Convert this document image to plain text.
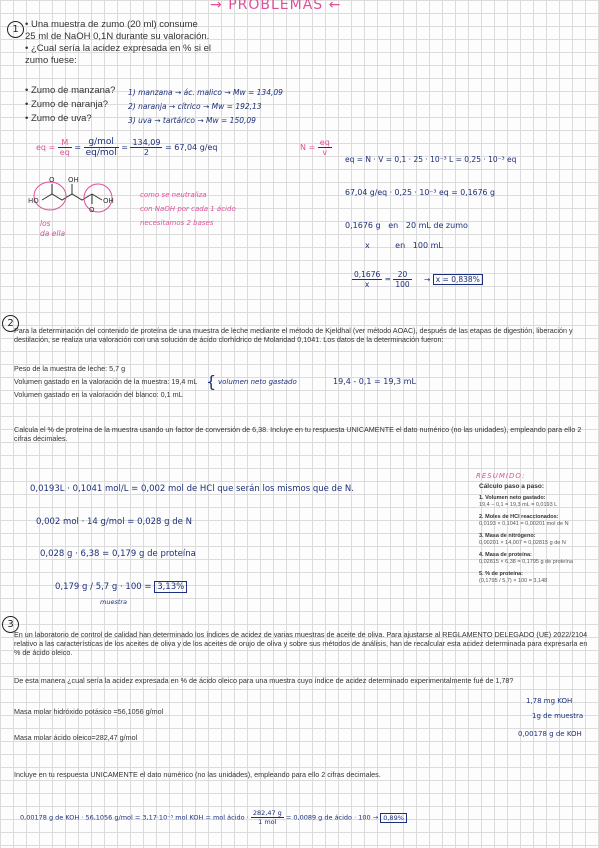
→ PROBLEMAS ←
1 • Una muestra de zumo (20 ml) consume
25 ml de NaOH 0,1N durante su valoración.
• ¿Cual sería la acidez expresada en % si el
zumo fuese:
• Zumo de manzana?
• Zumo de naranja?
• Zumo de uva?
1) manzana → ác. malico → Mw = 134,09
2) naranja → cítrico → Mw = 192,13
3) uva → tartárico → Mw = 150,09
eq = $\frac{M}{eq} = \frac{\text{g/mol}}{\text{eq/mol}} = \frac{134,09}{2} = 67,04$ g/eq	$N = \frac{eq}{v}$
eq = N · V = 0,1 · 25 · 10⁻³ L = 0,25 · 10⁻³ eq
OH
HO
O
O
OH
los
da ella
como se neutraliza
con NaOH por cada 1 ácido
necesitamos 2 bases
67,04 g/eq · 0,25 · 10⁻³ eq = 0,1676 g
0,1676 g   en   20 mL de zumo
x          en   100 mL
$\frac{0,1676}{x} = \frac{20}{100} \to x = 0,838\%$
2
Para la determinación del contenido de proteína de una muestra de leche mediante el método de Kjeldhal (ver método AOAC), después de las etapas de digestión, liberación y destilación, se realiza una valoración con una solución de ácido clorhídrico de Molaridad 0,1041. Los datos de la determinación fueron:
Peso de la muestra de leche: 5,7 g
Volumen gastado en la valoración de la muestra: 19,4 mL
Volumen gastado en la valoración del blanco: 0,1 mL
{ volumen neto gastado	19,4 - 0,1 = 19,3 mL
Calcula el % de proteína de la muestra usando un factor de conversión de 6,38. Incluye en tu respuesta UNICAMENTE el dato numérico (no las unidades), empleando para ello 2 cifras decimales.
0,0193L · 0,1041 mol/L = 0,002 mol de HCl que serán los mismos que de N.
0,002 mol · 14 g/mol = 0,028 g de N
0,028 g · 6,38 = 0,179 g de proteína
0,179 g / 5,7 g · 100 = 3,13%
muestra
RESUMIDO:
Cálculo paso a paso:
1. Volumen neto gastado:
19,4 − 0,1 = 19,3 mL = 0,0193 L
2. Moles de HCl reaccionados:
0,0193 × 0,1041 = 0,00201 mol de N
3. Masa de nitrógeno:
0,00201 × 14,007 = 0,02815 g de N
4. Masa de proteína:
0,02815 × 6,38 = 0,1795 g de proteína
5. % de proteína:
(0,1795 / 5,7) × 100 = 3,148
3
En un laboratorio de control de calidad han determinado los índices de acidez de varias muestras de aceite de oliva. Para ajustarse al REGLAMENTO DELEGADO (UE) 2022/2104 relativo a las características de los aceites de oliva y de los aceites de orujo de oliva y sobre sus métodos de análisis, han de recalcular esta acidez determinada para expresarla en % de ácido oleico.
De esta manera ¿cual sería la acidez expresada en % de ácido oleico para una muestra cuyo índice de acidez determinado experimentalmente fué de 1,78?
Masa molar hidróxido potásico =56,1056 g/mol
Masa molar ácido oleico=282,47 g/mol
1,78 mg KOH
1g de muestra
0,00178 g de KOH
Incluye en tu respuesta UNICAMENTE el dato numérico (no las unidades), empleando para ello 2 cifras decimales.
0,00178 g de KOH · 56,1056 g/mol = 3,17·10⁻⁵ mol KOH = mol ácido · $\frac{282,47 g}{\text{1 mol}} = 0,0089$ g de ácido · 100 → 0,89%
